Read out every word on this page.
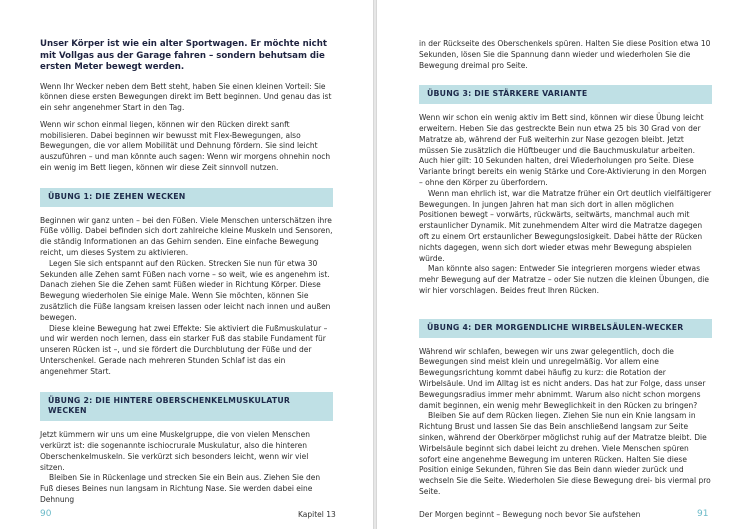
Unser Körper ist wie ein alter Sportwagen. Er möchte nicht mit Vollgas aus der Garage fahren – sondern behutsam die ersten Meter bewegt werden.

Wenn Ihr Wecker neben dem Bett steht, haben Sie einen kleinen Vorteil: Sie können diese ersten Bewegungen direkt im Bett beginnen. Und genau das ist ein sehr angenehmer Start in den Tag.

Wenn wir schon einmal liegen, können wir den Rücken direkt sanft mobilisieren. Dabei beginnen wir bewusst mit Flex-Bewegungen, also Bewegungen, die vor allem Mobilität und Dehnung fördern. Sie sind leicht auszuführen – und man könnte auch sagen: Wenn wir morgens ohnehin noch ein wenig im Bett liegen, können wir diese Zeit sinnvoll nutzen.

ÜBUNG 1: DIE ZEHEN WECKEN

Beginnen wir ganz unten – bei den Füßen. Viele Menschen unterschätzen ihre Füße völlig. Dabei befinden sich dort zahlreiche kleine Muskeln und Sensoren, die ständig Informationen an das Gehirn senden. Eine einfache Bewegung reicht, um dieses System zu aktivieren.

Legen Sie sich entspannt auf den Rücken. Strecken Sie nun für etwa 30 Sekunden alle Zehen samt Füßen nach vorne – so weit, wie es angenehm ist. Danach ziehen Sie die Zehen samt Füßen wieder in Richtung Körper. Diese Bewegung wiederholen Sie einige Male. Wenn Sie möchten, können Sie zusätzlich die Füße langsam kreisen lassen oder leicht nach innen und außen bewegen.

Diese kleine Bewegung hat zwei Effekte: Sie aktiviert die Fußmuskulatur – und wir werden noch lernen, dass ein starker Fuß das stabile Fundament für unseren Rücken ist –, und sie fördert die Durchblutung der Füße und der Unterschenkel. Gerade nach mehreren Stunden Schlaf ist das ein angenehmer Start.

ÜBUNG 2: DIE HINTERE OBERSCHENKELMUSKULATUR WECKEN

Jetzt kümmern wir uns um eine Muskelgruppe, die von vielen Menschen verkürzt ist: die sogenannte ischiocrurale Muskulatur, also die hinteren Oberschenkelmuskeln. Sie verkürzt sich besonders leicht, wenn wir viel sitzen.

Bleiben Sie in Rückenlage und strecken Sie ein Bein aus. Ziehen Sie den Fuß dieses Beines nun langsam in Richtung Nase. Sie werden dabei eine Dehnung

90	Kapitel 13

in der Rückseite des Oberschenkels spüren. Halten Sie diese Position etwa 10 Sekunden, lösen Sie die Spannung dann wieder und wiederholen Sie die Bewegung dreimal pro Seite.

ÜBUNG 3: DIE STÄRKERE VARIANTE

Wenn wir schon ein wenig aktiv im Bett sind, können wir diese Übung leicht erweitern. Heben Sie das gestreckte Bein nun etwa 25 bis 30 Grad von der Matratze ab, während der Fuß weiterhin zur Nase gezogen bleibt. Jetzt müssen Sie zusätzlich die Hüftbeuger und die Bauchmuskulatur arbeiten. Auch hier gilt: 10 Sekunden halten, drei Wiederholungen pro Seite. Diese Variante bringt bereits ein wenig Stärke und Core-Aktivierung in den Morgen – ohne den Körper zu überfordern.

Wenn man ehrlich ist, war die Matratze früher ein Ort deutlich vielfältigerer Bewegungen. In jungen Jahren hat man sich dort in allen möglichen Positionen bewegt – vorwärts, rückwärts, seitwärts, manchmal auch mit erstaunlicher Dynamik. Mit zunehmendem Alter wird die Matratze dagegen oft zu einem Ort erstaunlicher Bewegungslosigkeit. Dabei hätte der Rücken nichts dagegen, wenn sich dort wieder etwas mehr Bewegung abspielen würde.

Man könnte also sagen: Entweder Sie integrieren morgens wieder etwas mehr Bewegung auf der Matratze – oder Sie nutzen die kleinen Übungen, die wir hier vorschlagen. Beides freut Ihren Rücken.

ÜBUNG 4: DER MORGENDLICHE WIRBELSÄULEN-WECKER

Während wir schlafen, bewegen wir uns zwar gelegentlich, doch die Bewegungen sind meist klein und unregelmäßig. Vor allem eine Bewegungsrichtung kommt dabei häufig zu kurz: die Rotation der Wirbelsäule. Und im Alltag ist es nicht anders. Das hat zur Folge, dass unser Bewegungsradius immer mehr abnimmt. Warum also nicht schon morgens damit beginnen, ein wenig mehr Beweglichkeit in den Rücken zu bringen?

Bleiben Sie auf dem Rücken liegen. Ziehen Sie nun ein Knie langsam in Richtung Brust und lassen Sie das Bein anschließend langsam zur Seite sinken, während der Oberkörper möglichst ruhig auf der Matratze bleibt. Die Wirbelsäule beginnt sich dabei leicht zu drehen. Viele Menschen spüren sofort eine angenehme Bewegung im unteren Rücken. Halten Sie diese Position einige Sekunden, führen Sie das Bein dann wieder zurück und wechseln Sie die Seite. Wiederholen Sie diese Bewegung drei- bis viermal pro Seite.

Der Morgen beginnt – Bewegung noch bevor Sie aufstehen	91
